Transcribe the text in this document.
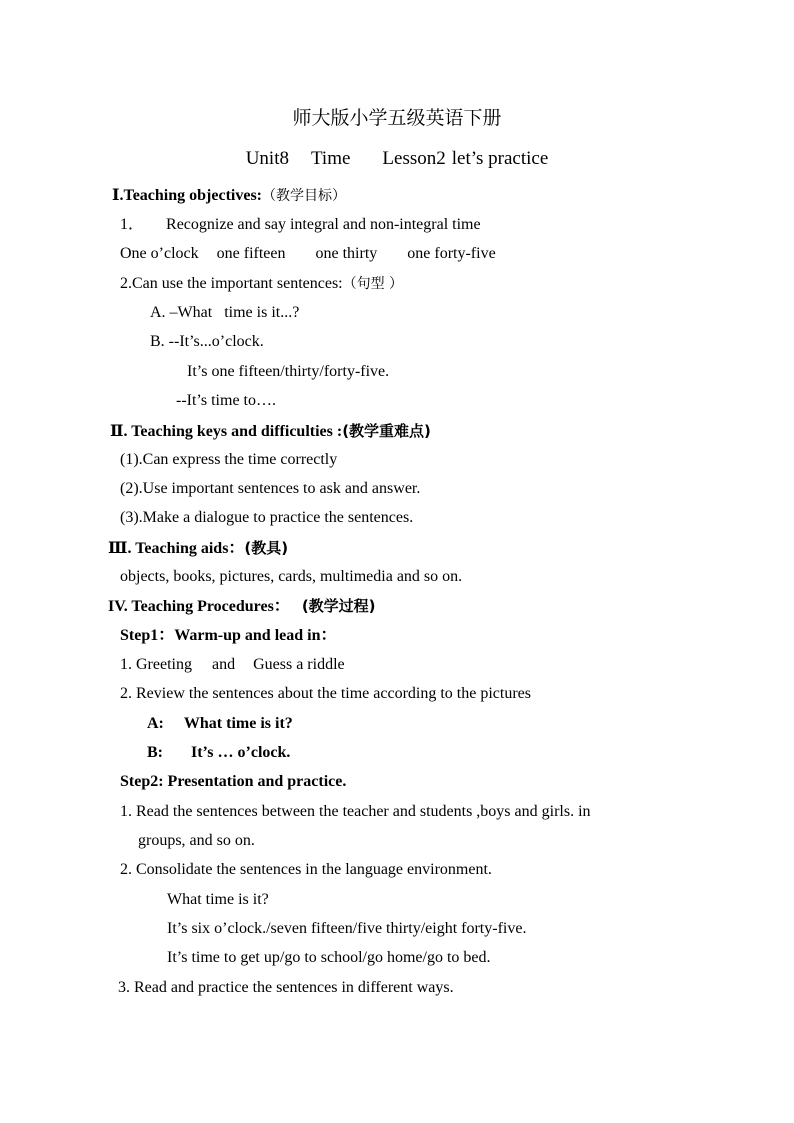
师大版小学五级英语下册
Unit8 Time Lesson2 let’s practice
Ⅰ.Teaching objectives:（教学目标）
1． Recognize and say integral and non-integral time
One o’clock one fifteen one thirty one forty-five
2.Can use the important sentences:（句型 ）
A. –What time is it...?
B. --It’s...o’clock.
It’s one fifteen/thirty/forty-five.
--It’s time to….
Ⅱ. Teaching keys and difficulties :(教学重难点)
(1).Can express the time correctly
(2).Use important sentences to ask and answer.
(3).Make a dialogue to practice the sentences.
Ⅲ. Teaching aids：(教具)
objects, books, pictures, cards, multimedia and so on.
IV. Teaching Procedures： (教学过程)
Step1：Warm-up and lead in：
1. Greeting and Guess a riddle
2. Review the sentences about the time according to the pictures
A: What time is it?
B: It’s … o’clock.
Step2: Presentation and practice.
1. Read the sentences between the teacher and students ,boys and girls. in
groups, and so on.
2. Consolidate the sentences in the language environment.
What time is it?
It’s six o’clock./seven fifteen/five thirty/eight forty-five.
It’s time to get up/go to school/go home/go to bed.
3. Read and practice the sentences in different ways.
